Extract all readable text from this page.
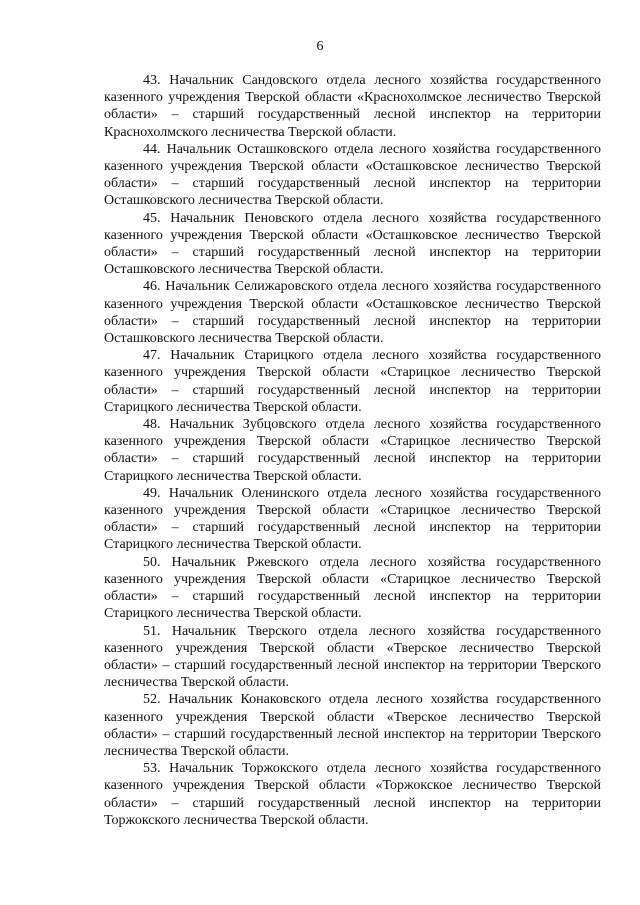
6

43. Начальник Сандовского отдела лесного хозяйства государственного казенного учреждения Тверской области «Краснохолмское лесничество Тверской области» – старший государственный лесной инспектор на территории Краснохолмского лесничества Тверской области.

44. Начальник Осташковского отдела лесного хозяйства государственного казенного учреждения Тверской области «Осташковское лесничество Тверской области» – старший государственный лесной инспектор на территории Осташковского лесничества Тверской области.

45. Начальник Пеновского отдела лесного хозяйства государственного казенного учреждения Тверской области «Осташковское лесничество Тверской области» – старший государственный лесной инспектор на территории Осташковского лесничества Тверской области.

46. Начальник Селижаровского отдела лесного хозяйства государственного казенного учреждения Тверской области «Осташковское лесничество Тверской области» – старший государственный лесной инспектор на территории Осташковского лесничества Тверской области.

47. Начальник Старицкого отдела лесного хозяйства государственного казенного учреждения Тверской области «Старицкое лесничество Тверской области» – старший государственный лесной инспектор на территории Старицкого лесничества Тверской области.

48. Начальник Зубцовского отдела лесного хозяйства государственного казенного учреждения Тверской области «Старицкое лесничество Тверской области» – старший государственный лесной инспектор на территории Старицкого лесничества Тверской области.

49. Начальник Оленинского отдела лесного хозяйства государственного казенного учреждения Тверской области «Старицкое лесничество Тверской области» – старший государственный лесной инспектор на территории Старицкого лесничества Тверской области.

50. Начальник Ржевского отдела лесного хозяйства государственного казенного учреждения Тверской области «Старицкое лесничество Тверской области» – старший государственный лесной инспектор на территории Старицкого лесничества Тверской области.

51. Начальник Тверского отдела лесного хозяйства государственного казенного учреждения Тверской области «Тверское лесничество Тверской области» – старший государственный лесной инспектор на территории Тверского лесничества Тверской области.

52. Начальник Конаковского отдела лесного хозяйства государственного казенного учреждения Тверской области «Тверское лесничество Тверской области» – старший государственный лесной инспектор на территории Тверского лесничества Тверской области.

53. Начальник Торжокского отдела лесного хозяйства государственного казенного учреждения Тверской области «Торжокское лесничество Тверской области» – старший государственный лесной инспектор на территории Торжокского лесничества Тверской области.
